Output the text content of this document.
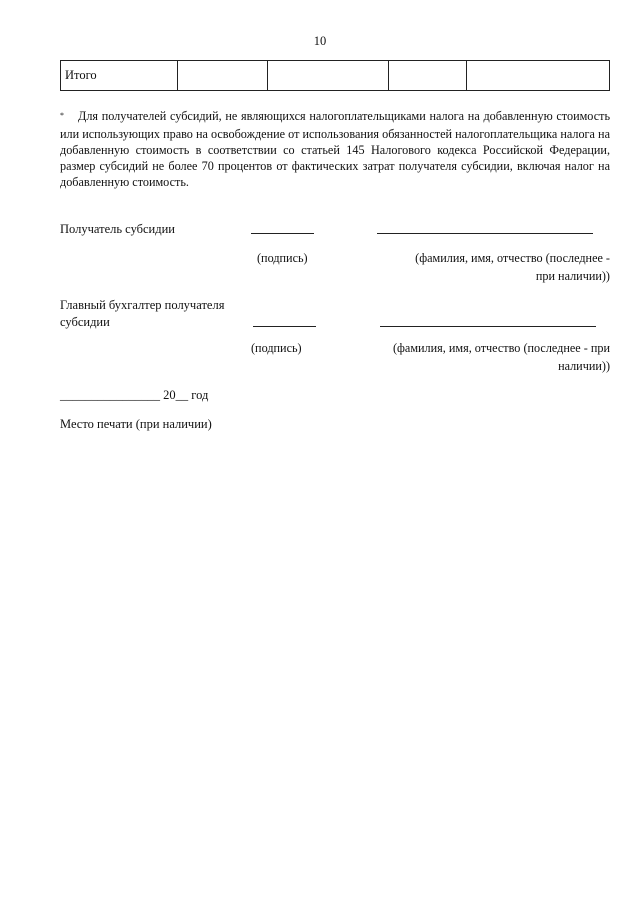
10
Итого				
* Для получателей субсидий, не являющихся налогоплательщиками налога на добавленную стоимость или использующих право на освобождение от использования обязанностей налогоплательщика налога на добавленную стоимость в соответствии со статьей 145 Налогового кодекса Российской Федерации, размер субсидий не более 70 процентов от фактических затрат получателя субсидии, включая налог на добавленную стоимость.
Получатель субсидии
(подпись)	(фамилия, имя, отчество (последнее -
при наличии))
Главный бухгалтер получателя
субсидии
(подпись)	(фамилия, имя, отчество (последнее - при
наличии))
________________ 20__ год
Место печати (при наличии)
